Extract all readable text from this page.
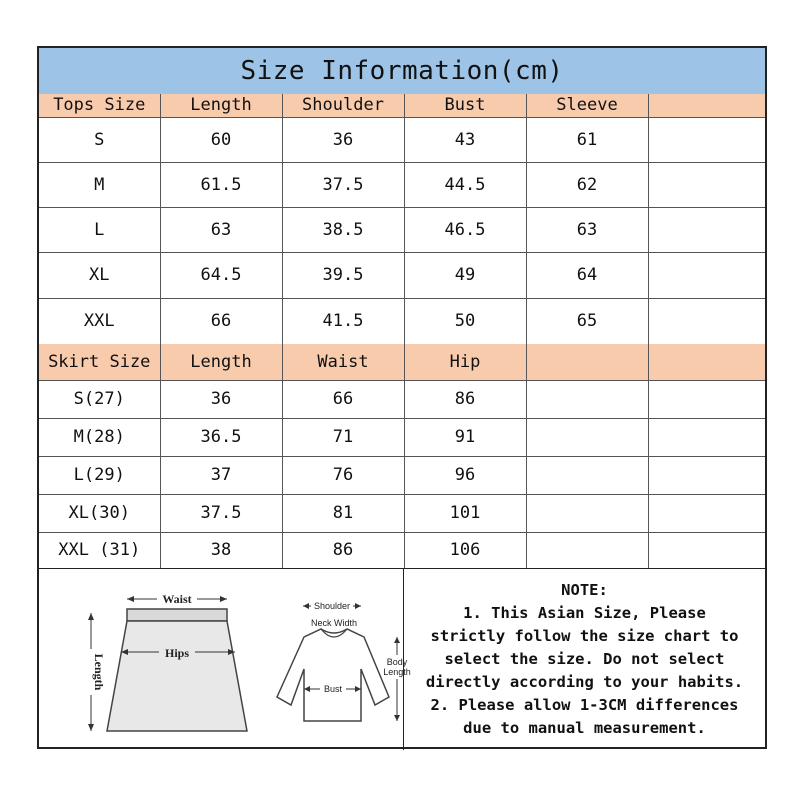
Size Information(cm)
Tops Size	Length	Shoulder	Bust	Sleeve	
S	60	36	43	61	
M	61.5	37.5	44.5	62	
L	63	38.5	46.5	63	
XL	64.5	39.5	49	64	
XXL	66	41.5	50	65	
Skirt Size	Length	Waist	Hip		
S(27)	36	66	86		
M(28)	36.5	71	91		
L(29)	37	76	96		
XL(30)	37.5	81	101		
XXL (31)	38	86	106		
Waist
Hips
Length
Shoulder
Neck Width
Body
Length
Bust
NOTE:
1. This Asian Size, Please
strictly follow the size chart to
select the size. Do not select
directly according to your habits.
2. Please allow 1-3CM differences
due to manual measurement.
